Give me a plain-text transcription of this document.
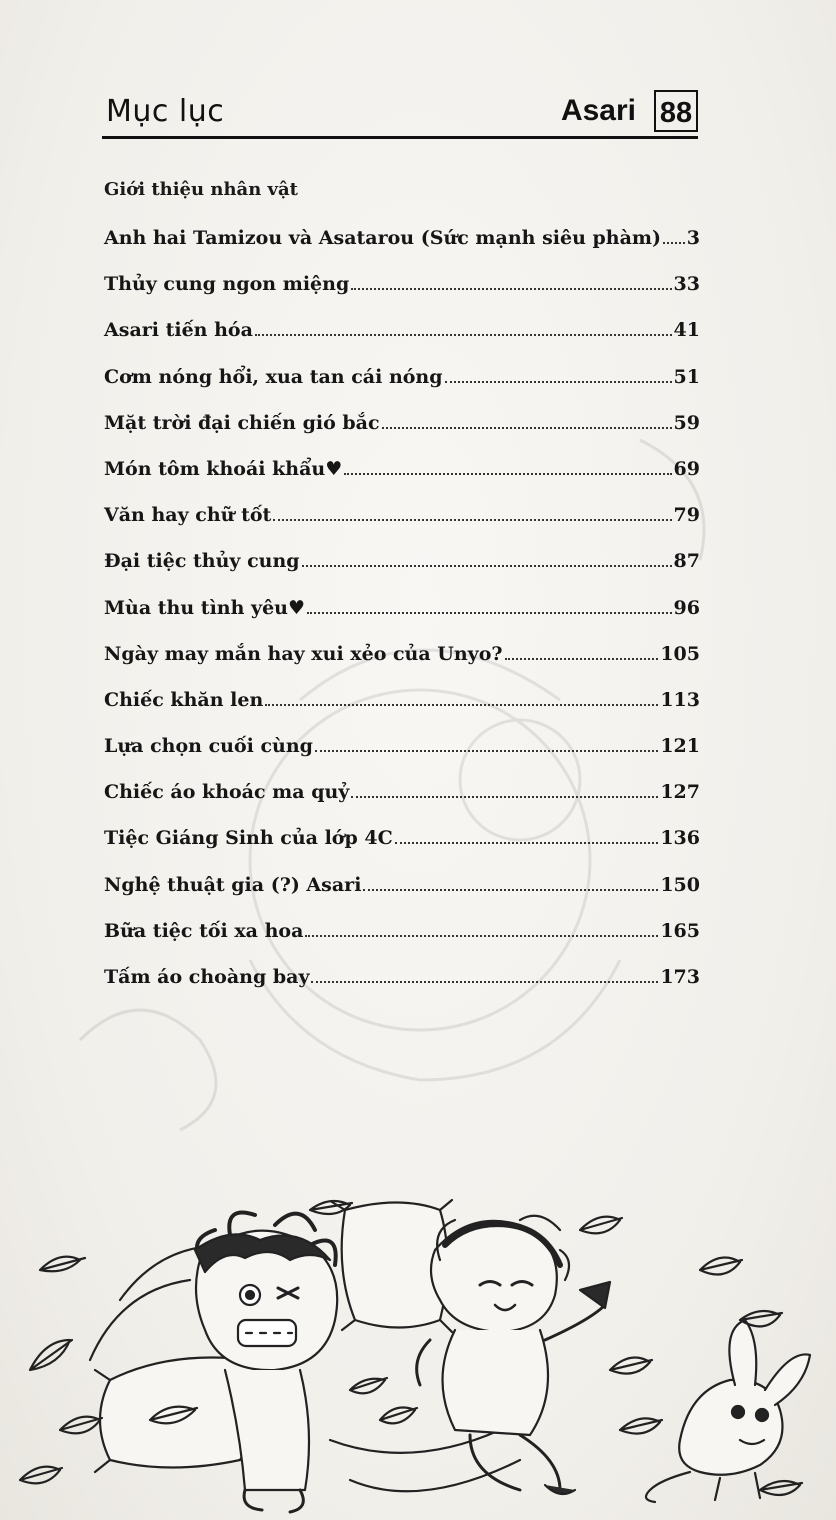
Mục lục	Asari 88
Giới thiệu nhân vật
Anh hai Tamizou và Asatarou (Sức mạnh siêu phàm) 3
Thủy cung ngon miệng	33
Asari tiến hóa	41
Cơm nóng hổi, xua tan cái nóng	51
Mặt trời đại chiến gió bắc	59
Món tôm khoái khẩu♥	69
Văn hay chữ tốt	79
Đại tiệc thủy cung	87
Mùa thu tình yêu♥	96
Ngày may mắn hay xui xẻo của Unyo?	105
Chiếc khăn len	113
Lựa chọn cuối cùng	121
Chiếc áo khoác ma quỷ	127
Tiệc Giáng Sinh của lớp 4C	136
Nghệ thuật gia (?) Asari	150
Bữa tiệc tối xa hoa	165
Tấm áo choàng bay	173
